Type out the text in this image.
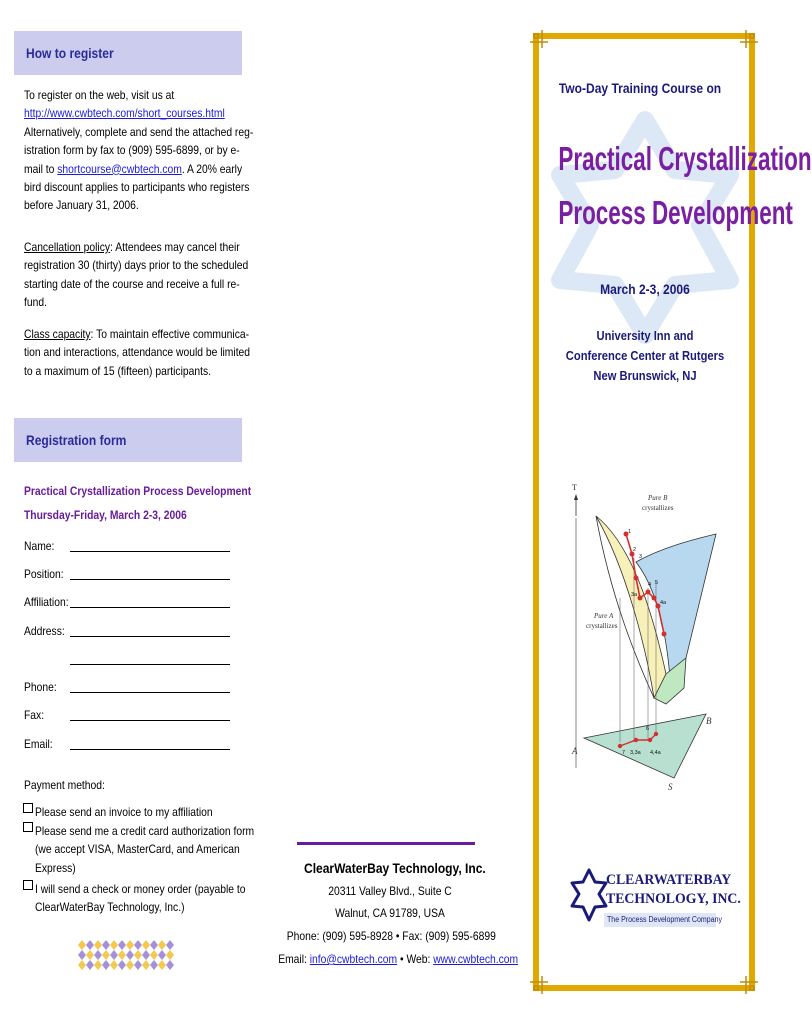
How to register
To register on the web, visit us at
http://www.cwbtech.com/short_courses.html
Alternatively, complete and send the attached reg-
istration form by fax to (909) 595-6899, or by e-
mail to shortcourse@cwbtech.com. A 20% early
bird discount applies to participants who registers
before January 31, 2006.
Cancellation policy: Attendees may cancel their
registration 30 (thirty) days prior to the scheduled
starting date of the course and receive a full re-
fund.
Class capacity: To maintain effective communica-
tion and interactions, attendance would be limited
to a maximum of 15 (fifteen) participants.
Registration form
Practical Crystallization Process Development
Thursday-Friday, March 2-3, 2006
Name:
Position:
Affiliation:
Address:
Phone:
Fax:
Email:
Payment method:
Please send an invoice to my affiliation
Please send me a credit card authorization form
(we accept VISA, MasterCard, and American
Express)
I will send a check or money order (payable to
ClearWaterBay Technology, Inc.)
ClearWaterBay Technology, Inc.
20311 Valley Blvd., Suite C
Walnut, CA 91789, USA
Phone: (909) 595-8928 • Fax: (909) 595-6899
Email: info@cwbtech.com • Web: www.cwbtech.com
Two-Day Training Course on
Practical Crystallization
Process Development
March 2-3, 2006
University Inn and
Conference Center at Rutgers
New Brunswick, NJ
T
Pure B
crystallizes
Pure A
crystallizes
A
B
S
1
2
3
3a
4 5
4a
6
7 3,3a 4,4a
CLEARWATERBAY
TECHNOLOGY, INC.
The Process Development Company
